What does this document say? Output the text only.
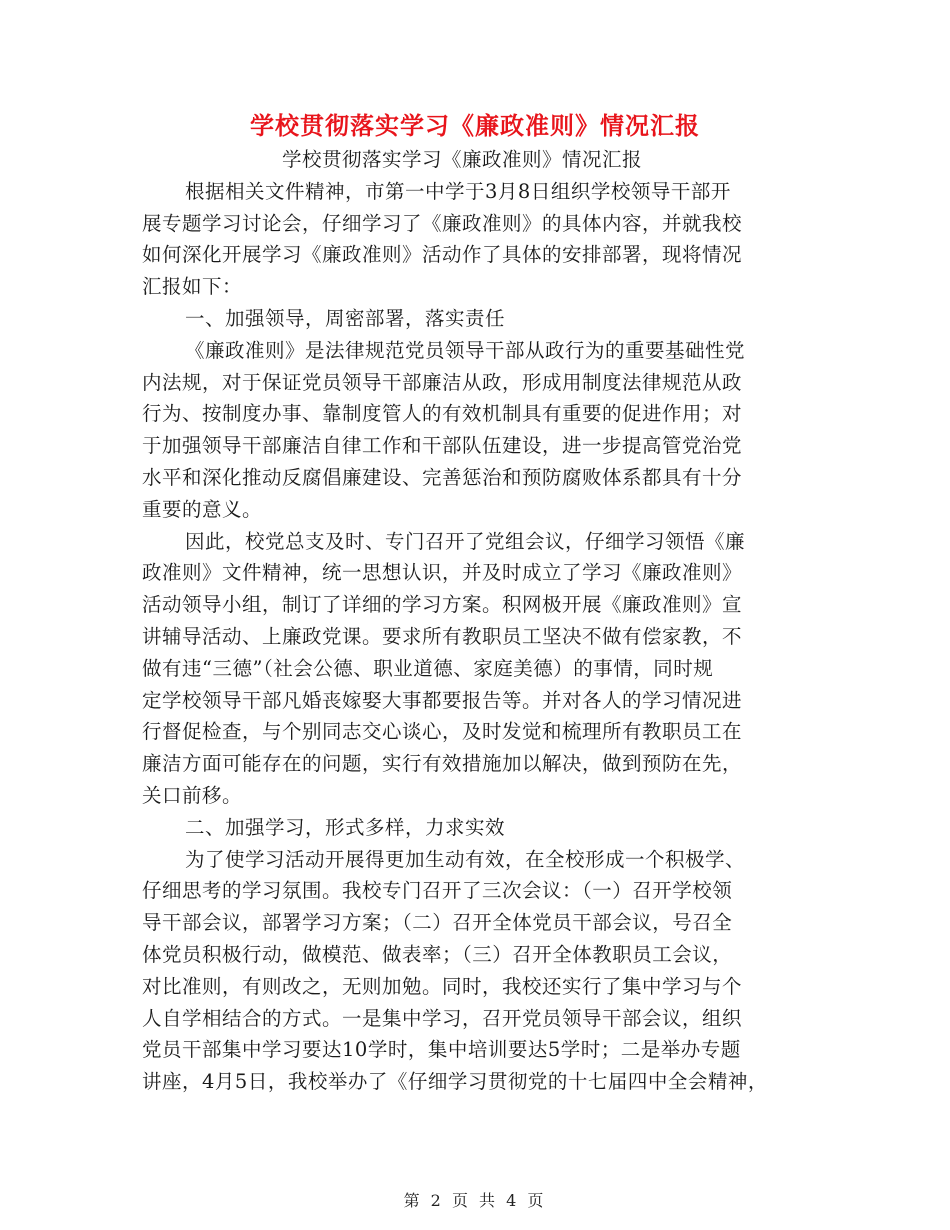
学校贯彻落实学习《廉政准则》情况汇报
学校贯彻落实学习《廉政准则》情况汇报
根据相关文件精神，市第一中学于3月8日组织学校领导干部开
展专题学习讨论会，仔细学习了《廉政准则》的具体内容，并就我校
如何深化开展学习《廉政准则》活动作了具体的安排部署，现将情况
汇报如下：
一、加强领导，周密部署，落实责任
《廉政准则》是法律规范党员领导干部从政行为的重要基础性党
内法规，对于保证党员领导干部廉洁从政，形成用制度法律规范从政
行为、按制度办事、靠制度管人的有效机制具有重要的促进作用；对
于加强领导干部廉洁自律工作和干部队伍建设，进一步提高管党治党
水平和深化推动反腐倡廉建设、完善惩治和预防腐败体系都具有十分
重要的意义。
因此，校党总支及时、专门召开了党组会议，仔细学习领悟《廉
政准则》文件精神，统一思想认识，并及时成立了学习《廉政准则》
活动领导小组，制订了详细的学习方案。积网极开展《廉政准则》宣
讲辅导活动、上廉政党课。要求所有教职员工坚决不做有偿家教，不
做有违“三德”（社会公德、职业道德、家庭美德）的事情，同时规
定学校领导干部凡婚丧嫁娶大事都要报告等。并对各人的学习情况进
行督促检查，与个别同志交心谈心，及时发觉和梳理所有教职员工在
廉洁方面可能存在的问题，实行有效措施加以解决，做到预防在先，
关口前移。
二、加强学习，形式多样，力求实效
为了使学习活动开展得更加生动有效，在全校形成一个积极学、
仔细思考的学习氛围。我校专门召开了三次会议：（一）召开学校领
导干部会议，部署学习方案；（二）召开全体党员干部会议，号召全
体党员积极行动，做模范、做表率；（三）召开全体教职员工会议，
对比准则，有则改之，无则加勉。同时，我校还实行了集中学习与个
人自学相结合的方式。一是集中学习，召开党员领导干部会议，组织
党员干部集中学习要达10学时，集中培训要达5学时；二是举办专题
讲座，4月5日，我校举办了《仔细学习贯彻党的十七届四中全会精神，
第 2 页 共 4 页
